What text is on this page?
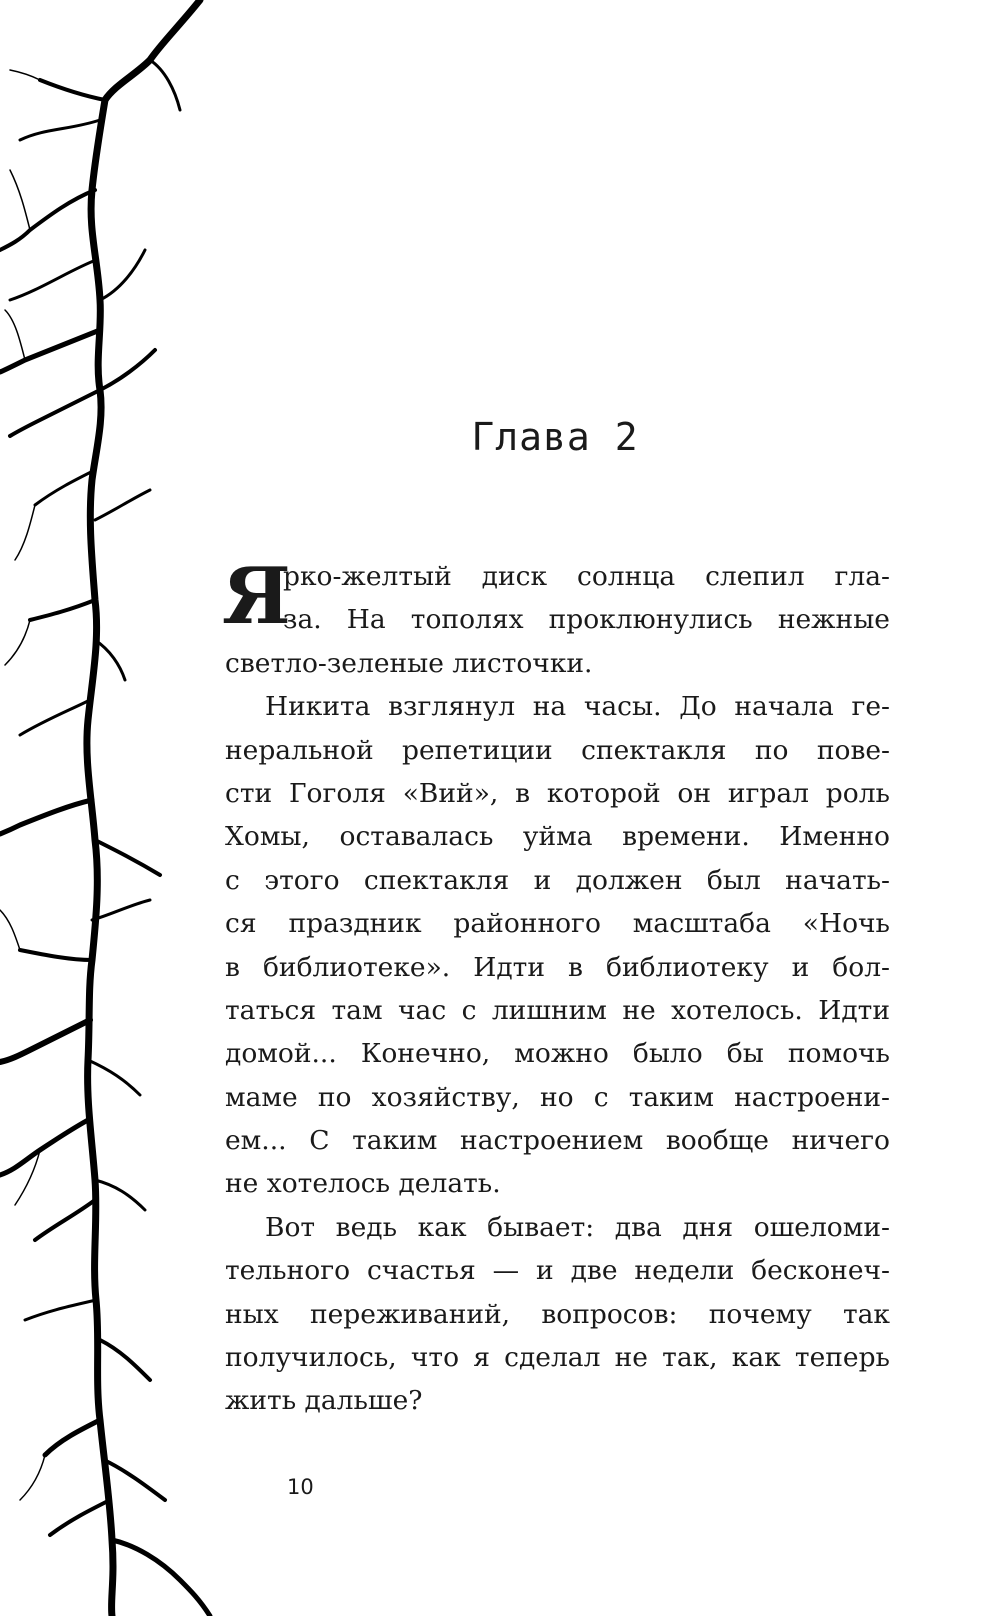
Глава 2
Я
рко-желтый диск солнца слепил гла-
за. На тополях проклюнулись нежные
светло-зеленые листочки.
Никита взглянул на часы. До начала ге-
неральной репетиции спектакля по пове-
сти Гоголя «Вий», в которой он играл роль
Хомы, оставалась уйма времени. Именно
с этого спектакля и должен был начать-
ся праздник районного масштаба «Ночь
в библиотеке». Идти в библиотеку и бол-
таться там час с лишним не хотелось. Идти
домой... Конечно, можно было бы помочь
маме по хозяйству, но с таким настроени-
ем... С таким настроением вообще ничего
не хотелось делать.
Вот ведь как бывает: два дня ошеломи-
тельного счастья — и две недели бесконеч-
ных переживаний, вопросов: почему так
получилось, что я сделал не так, как теперь
жить дальше?
10
